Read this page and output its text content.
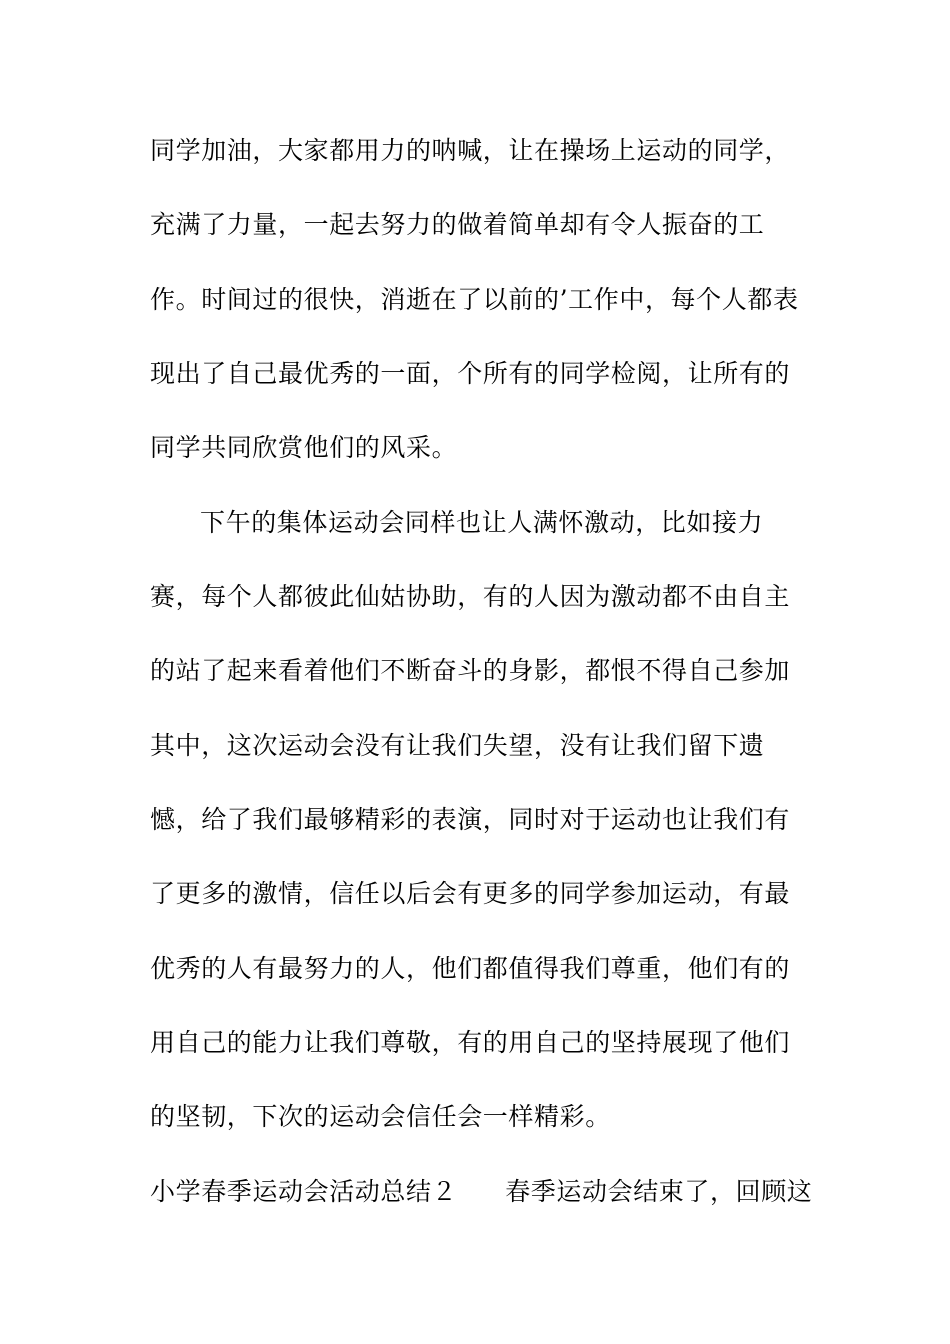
同学加油，大家都用力的呐喊，让在操场上运动的同学，
充满了力量，一起去努力的做着简单却有令人振奋的工
作。时间过的很快，消逝在了以前的’工作中，每个人都表
现出了自己最优秀的一面，个所有的同学检阅，让所有的
同学共同欣赏他们的风采。
下午的集体运动会同样也让人满怀激动，比如接力
赛，每个人都彼此仙姑协助，有的人因为激动都不由自主
的站了起来看着他们不断奋斗的身影，都恨不得自己参加
其中，这次运动会没有让我们失望，没有让我们留下遗
憾，给了我们最够精彩的表演，同时对于运动也让我们有
了更多的激情，信任以后会有更多的同学参加运动，有最
优秀的人有最努力的人，他们都值得我们尊重，他们有的
用自己的能力让我们尊敬，有的用自己的坚持展现了他们
的坚韧，下次的运动会信任会一样精彩。
小学春季运动会活动总结２ 春季运动会结束了，回顾这
